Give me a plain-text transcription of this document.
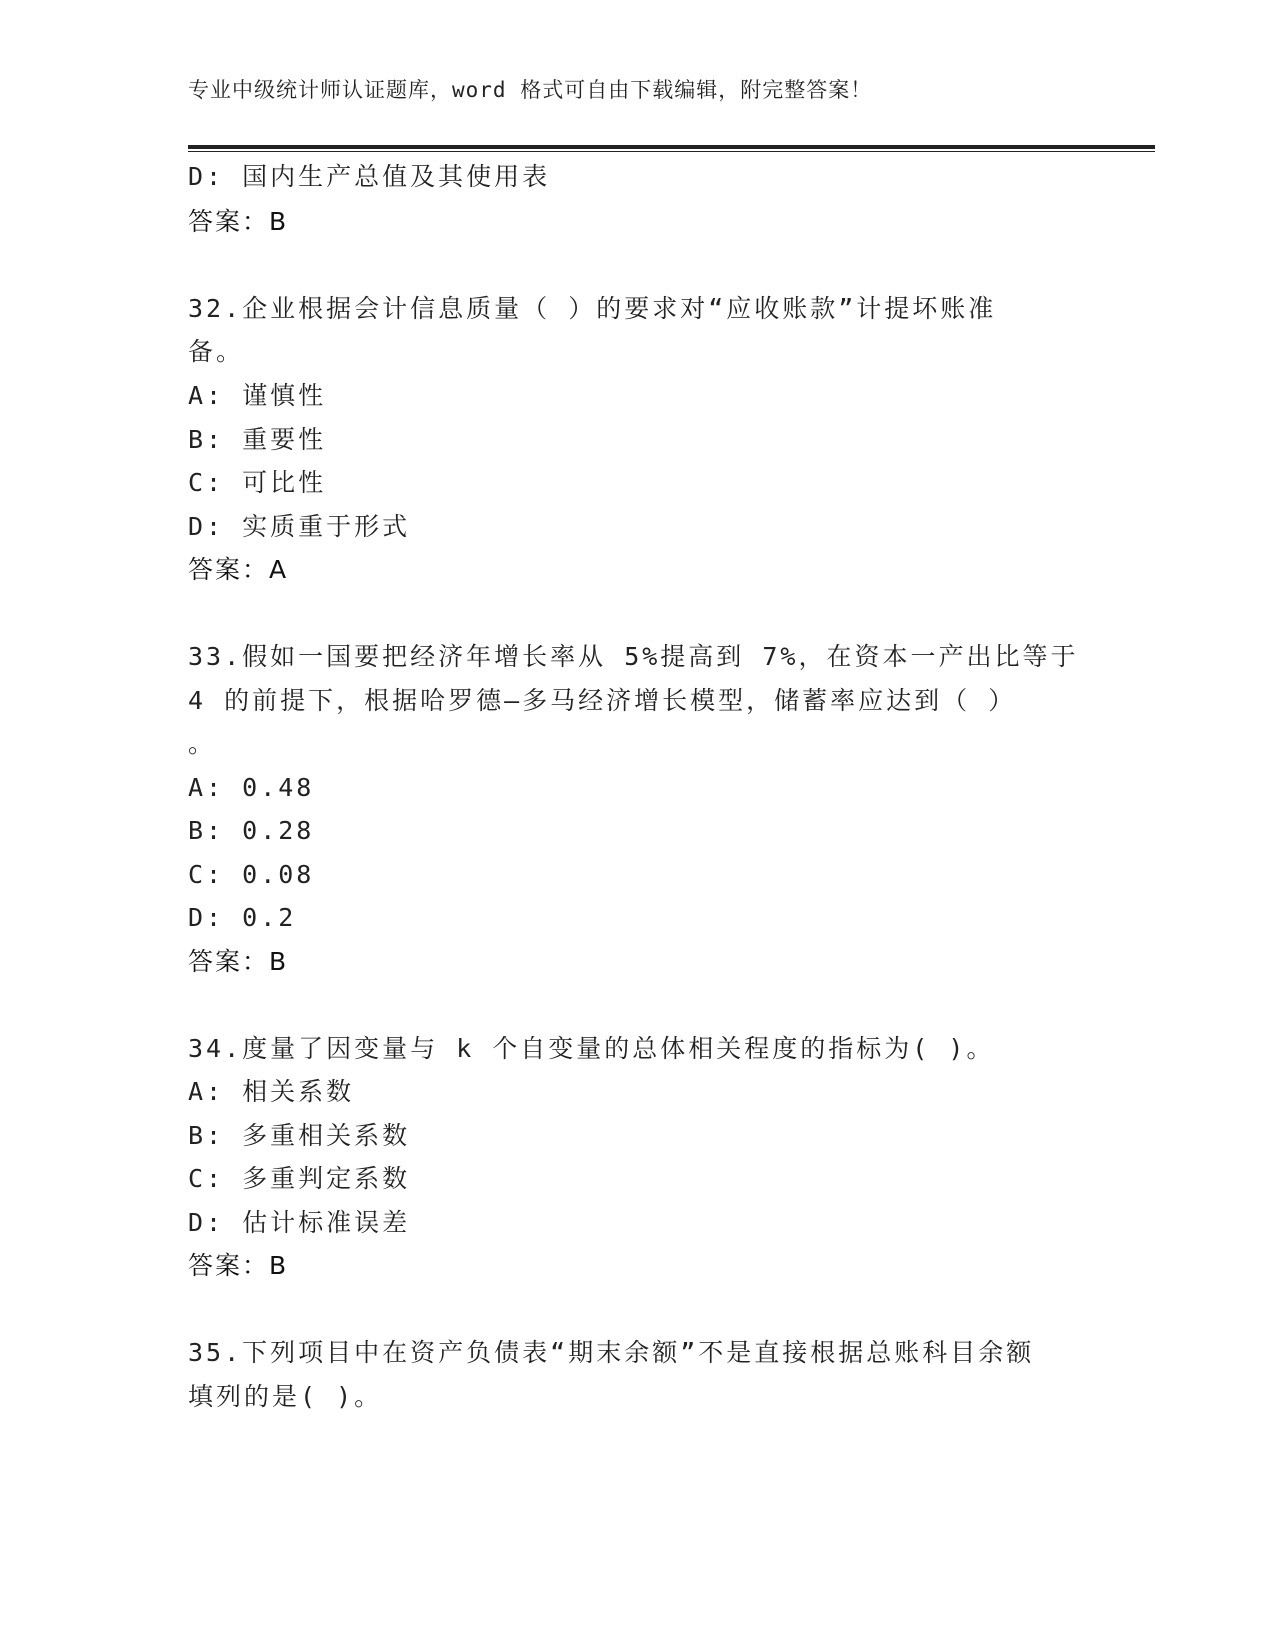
专业中级统计师认证题库，word 格式可自由下载编辑，附完整答案！
D: 国内生产总值及其使用表
答案：B
32.企业根据会计信息质量（ ）的要求对“应收账款”计提坏账准
备。
A: 谨慎性
B: 重要性
C: 可比性
D: 实质重于形式
答案：A
33.假如一国要把经济年增长率从 5%提高到 7%，在资本一产出比等于
4 的前提下，根据哈罗德—多马经济增长模型，储蓄率应达到（ ）
。
A: 0.48
B: 0.28
C: 0.08
D: 0.2
答案：B
34.度量了因变量与 k 个自变量的总体相关程度的指标为( )。
A: 相关系数
B: 多重相关系数
C: 多重判定系数
D: 估计标准误差
答案：B
35.下列项目中在资产负债表“期末余额”不是直接根据总账科目余额
填列的是( )。
